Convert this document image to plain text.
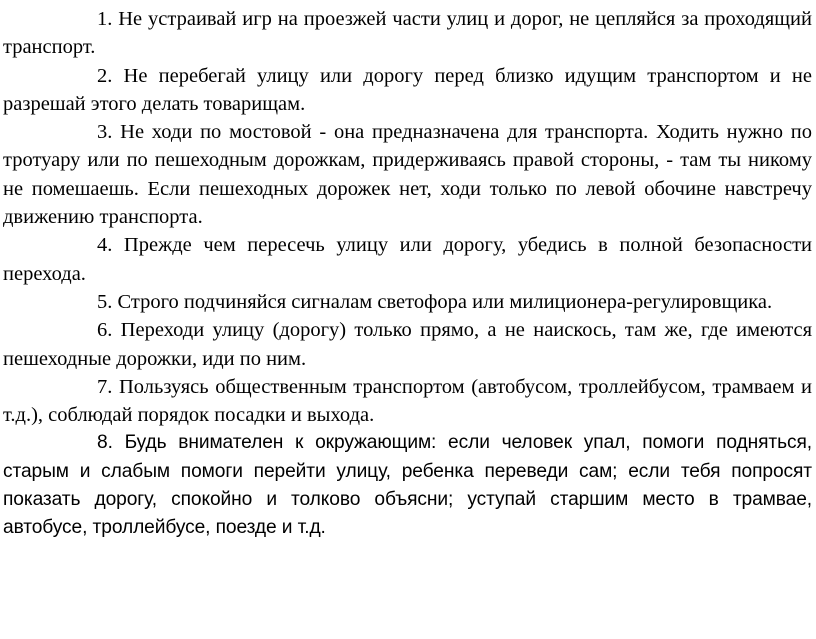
1. Не устраивай игр на проезжей части улиц и дорог, не цепляйся за проходящий транспорт.

2. Не перебегай улицу или дорогу перед близко идущим транспортом и не разрешай этого делать товарищам.

3. Не ходи по мостовой - она предназначена для транспорта. Ходить нужно по тротуару или по пешеходным дорожкам, придерживаясь правой стороны, - там ты никому не помешаешь. Если пешеходных дорожек нет, ходи только по левой обочине навстречу движению транспорта.

4. Прежде чем пересечь улицу или дорогу, убедись в полной безопасности перехода.

5. Строго подчиняйся сигналам светофора или милиционера-регулировщика.

6. Переходи улицу (дорогу) только прямо, а не наискось, там же, где имеются пешеходные дорожки, иди по ним.

7. Пользуясь общественным транспортом (автобусом, троллейбусом, трамваем и т.д.), соблюдай порядок посадки и выхода.

8. Будь внимателен к окружающим: если человек упал, помоги подняться, старым и слабым помоги перейти улицу, ребенка переведи сам; если тебя попросят показать дорогу, спокойно и толково объясни; уступай старшим место в трамвае, автобусе, троллейбусе, поезде и т.д.
